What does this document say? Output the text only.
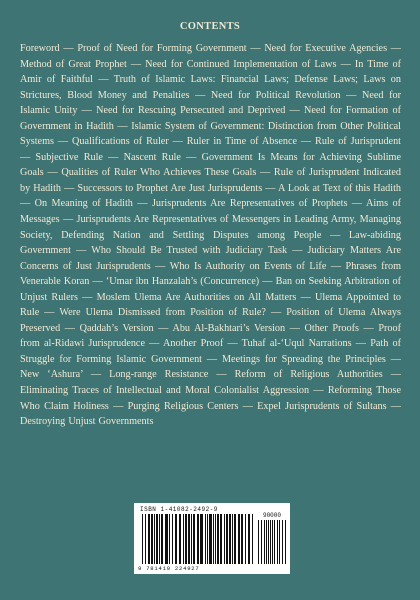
CONTENTS
Foreword — Proof of Need for Forming Government — Need for Executive Agencies — Method of Great Prophet — Need for Continued Implementation of Laws — In Time of Amir of Faithful — Truth of Islamic Laws: Financial Laws; Defense Laws; Laws on Strictures, Blood Money and Penalties — Need for Political Revolution — Need for Islamic Unity — Need for Rescuing Persecuted and Deprived — Need for Formation of Government in Hadith — Islamic System of Government: Distinction from Other Political Systems — Qualifications of Ruler — Ruler in Time of Absence — Rule of Jurisprudent — Subjective Rule — Nascent Rule — Government Is Means for Achieving Sublime Goals — Qualities of Ruler Who Achieves These Goals — Rule of Jurisprudent Indicated by Hadith — Successors to Prophet Are Just Jurisprudents — A Look at Text of this Hadith — On Meaning of Hadith — Jurisprudents Are Representatives of Prophets — Aims of Messages — Jurisprudents Are Representatives of Messengers in Leading Army, Managing Society, Defending Nation and Settling Disputes among People — Law-abiding Government — Who Should Be Trusted with Judiciary Task — Judiciary Matters Are Concerns of Just Jurisprudents — Who Is Authority on Events of Life — Phrases from Venerable Koran — ‘Umar ibn Hanzalah’s (Concurrence) — Ban on Seeking Arbitration of Unjust Rulers — Moslem Ulema Are Authorities on All Matters — Ulema Appointed to Rule — Were Ulema Dismissed from Position of Rule? — Position of Ulema Always Preserved — Qaddah’s Version — Abu Al-Bakhtari’s Version — Other Proofs — Proof from al-Ridawi Jurisprudence — Another Proof — Tuhaf al-‘Uqul Narrations — Path of Struggle for Forming Islamic Government — Meetings for Spreading the Principles — New ‘Ashura’ — Long-range Resistance — Reform of Religious Authorities — Eliminating Traces of Intellectual and Moral Colonialist Aggression — Reforming Those Who Claim Holiness — Purging Religious Centers — Expel Jurisprudents of Sultans — Destroying Unjust Governments
ISBN 1-41082-2492-9
90000
9 781410 224927
